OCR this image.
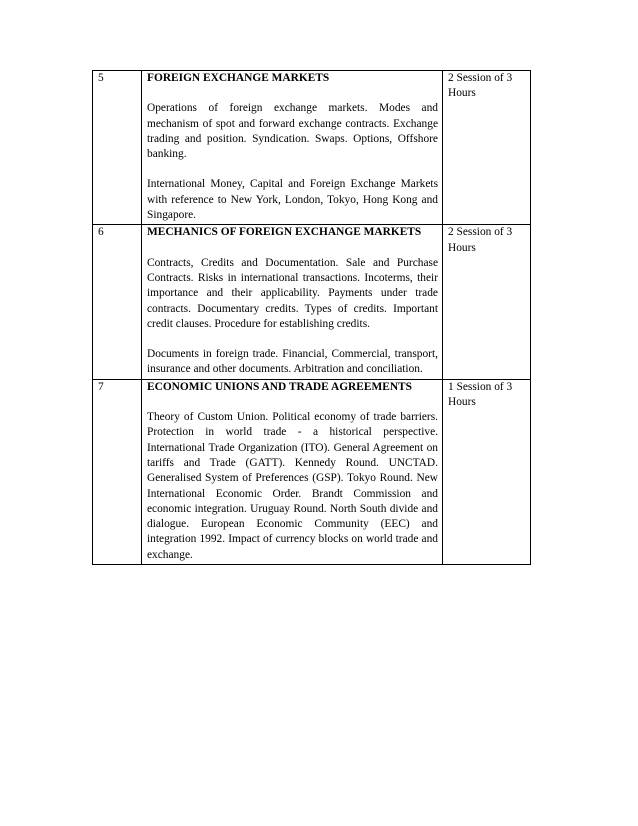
5	FOREIGN EXCHANGE MARKETS

Operations of foreign exchange markets. Modes and mechanism of spot and forward exchange contracts. Exchange trading and position. Syndication. Swaps. Options, Offshore banking.

International Money, Capital and Foreign Exchange Markets with reference to New York, London, Tokyo, Hong Kong and Singapore.	2 Session of 3 Hours

6	MECHANICS OF FOREIGN EXCHANGE MARKETS

Contracts, Credits and Documentation. Sale and Purchase Contracts. Risks in international transactions. Incoterms, their importance and their applicability. Payments under trade contracts. Documentary credits. Types of credits. Important credit clauses. Procedure for establishing credits.

Documents in foreign trade. Financial, Commercial, transport, insurance and other documents. Arbitration and conciliation.	2 Session of 3 Hours

7	ECONOMIC UNIONS AND TRADE AGREEMENTS

Theory of Custom Union. Political economy of trade barriers. Protection in world trade - a historical perspective. International Trade Organization (ITO). General Agreement on tariffs and Trade (GATT). Kennedy Round. UNCTAD. Generalised System of Preferences (GSP). Tokyo Round. New International Economic Order. Brandt Commission and economic integration. Uruguay Round. North South divide and dialogue. European Economic Community (EEC) and integration 1992. Impact of currency blocks on world trade and exchange.	1 Session of 3 Hours
